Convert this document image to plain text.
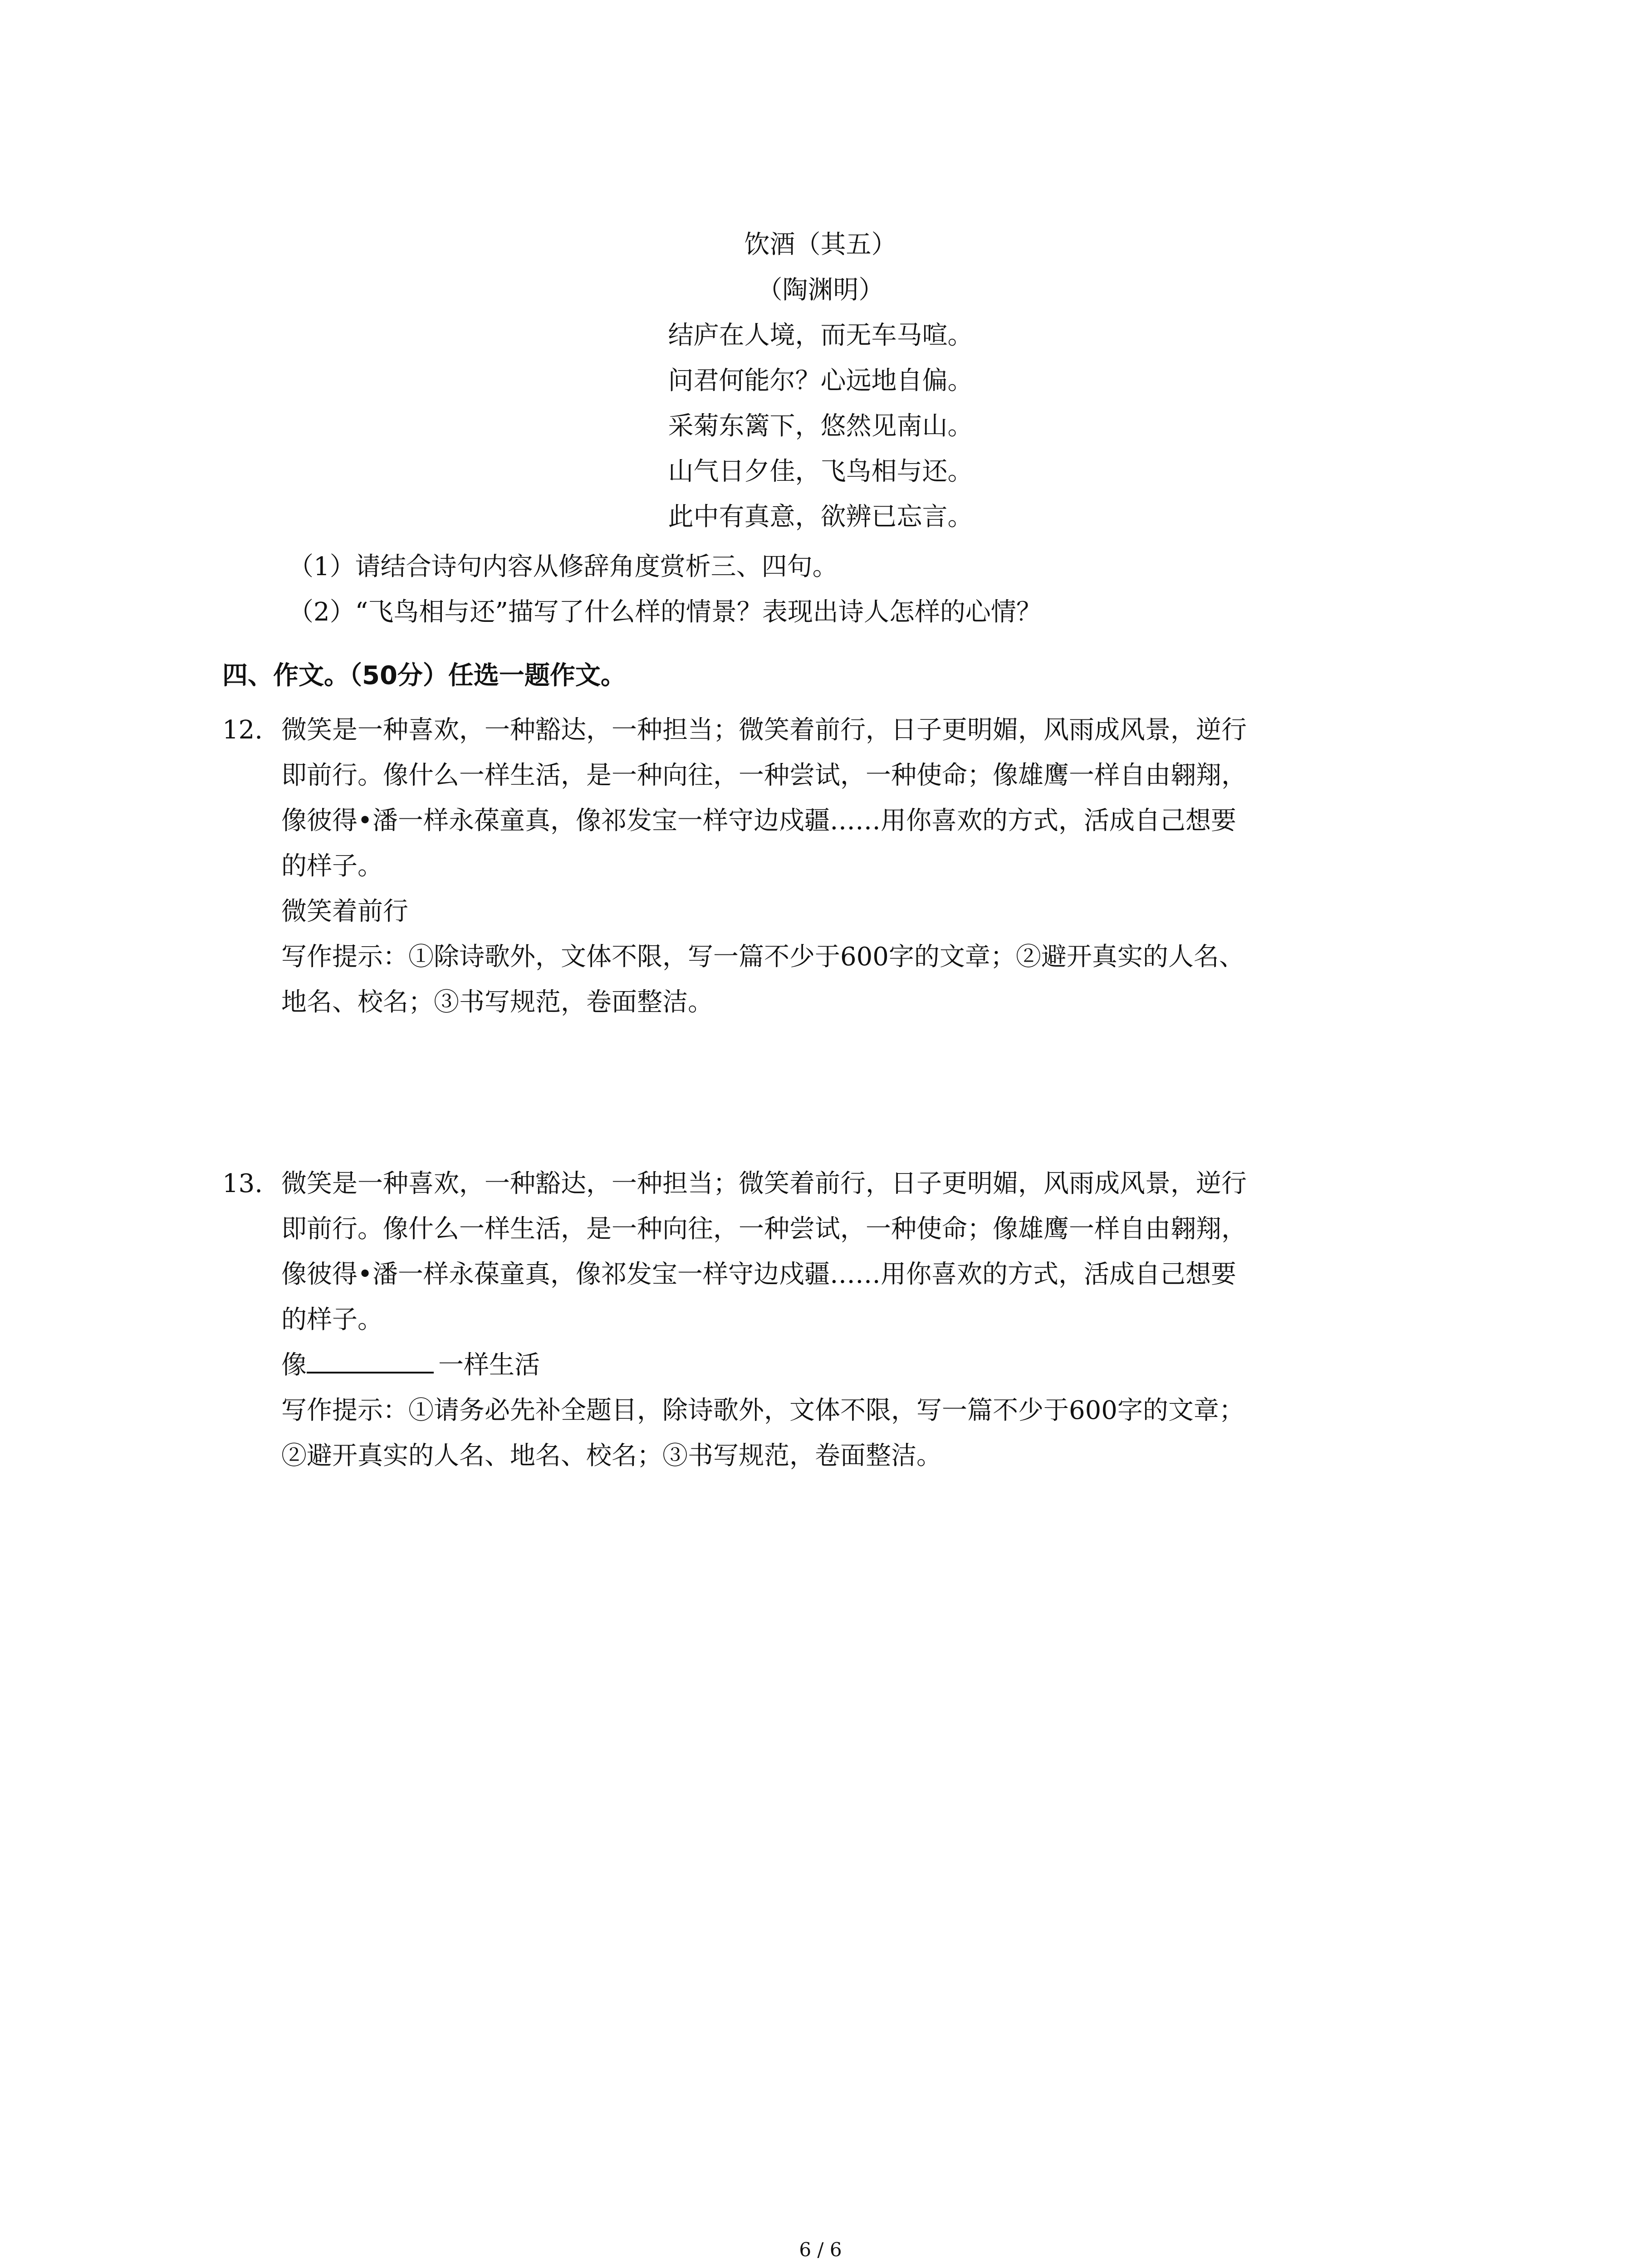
饮酒（其五）
（陶渊明）
结庐在人境，而无车马喧。
问君何能尔？心远地自偏。
采菊东篱下，悠然见南山。
山气日夕佳，飞鸟相与还。
此中有真意，欲辨已忘言。
（1）请结合诗句内容从修辞角度赏析三、四句。
（2）“飞鸟相与还”描写了什么样的情景？表现出诗人怎样的心情？
四、作文。（50分）任选一题作文。
12. 微笑是一种喜欢，一种豁达，一种担当；微笑着前行，日子更明媚，风雨成风景，逆行
即前行。像什么一样生活，是一种向往，一种尝试，一种使命；像雄鹰一样自由翱翔，
像彼得•潘一样永葆童真，像祁发宝一样守边戍疆……用你喜欢的方式，活成自己想要
的样子。
微笑着前行
写作提示：①除诗歌外，文体不限，写一篇不少于600字的文章；②避开真实的人名、
地名、校名；③书写规范，卷面整洁。
13. 微笑是一种喜欢，一种豁达，一种担当；微笑着前行，日子更明媚，风雨成风景，逆行
即前行。像什么一样生活，是一种向往，一种尝试，一种使命；像雄鹰一样自由翱翔，
像彼得•潘一样永葆童真，像祁发宝一样守边戍疆……用你喜欢的方式，活成自己想要
的样子。
像	一样生活
写作提示：①请务必先补全题目，除诗歌外，文体不限，写一篇不少于600字的文章；
②避开真实的人名、地名、校名；③书写规范，卷面整洁。
6 / 6
